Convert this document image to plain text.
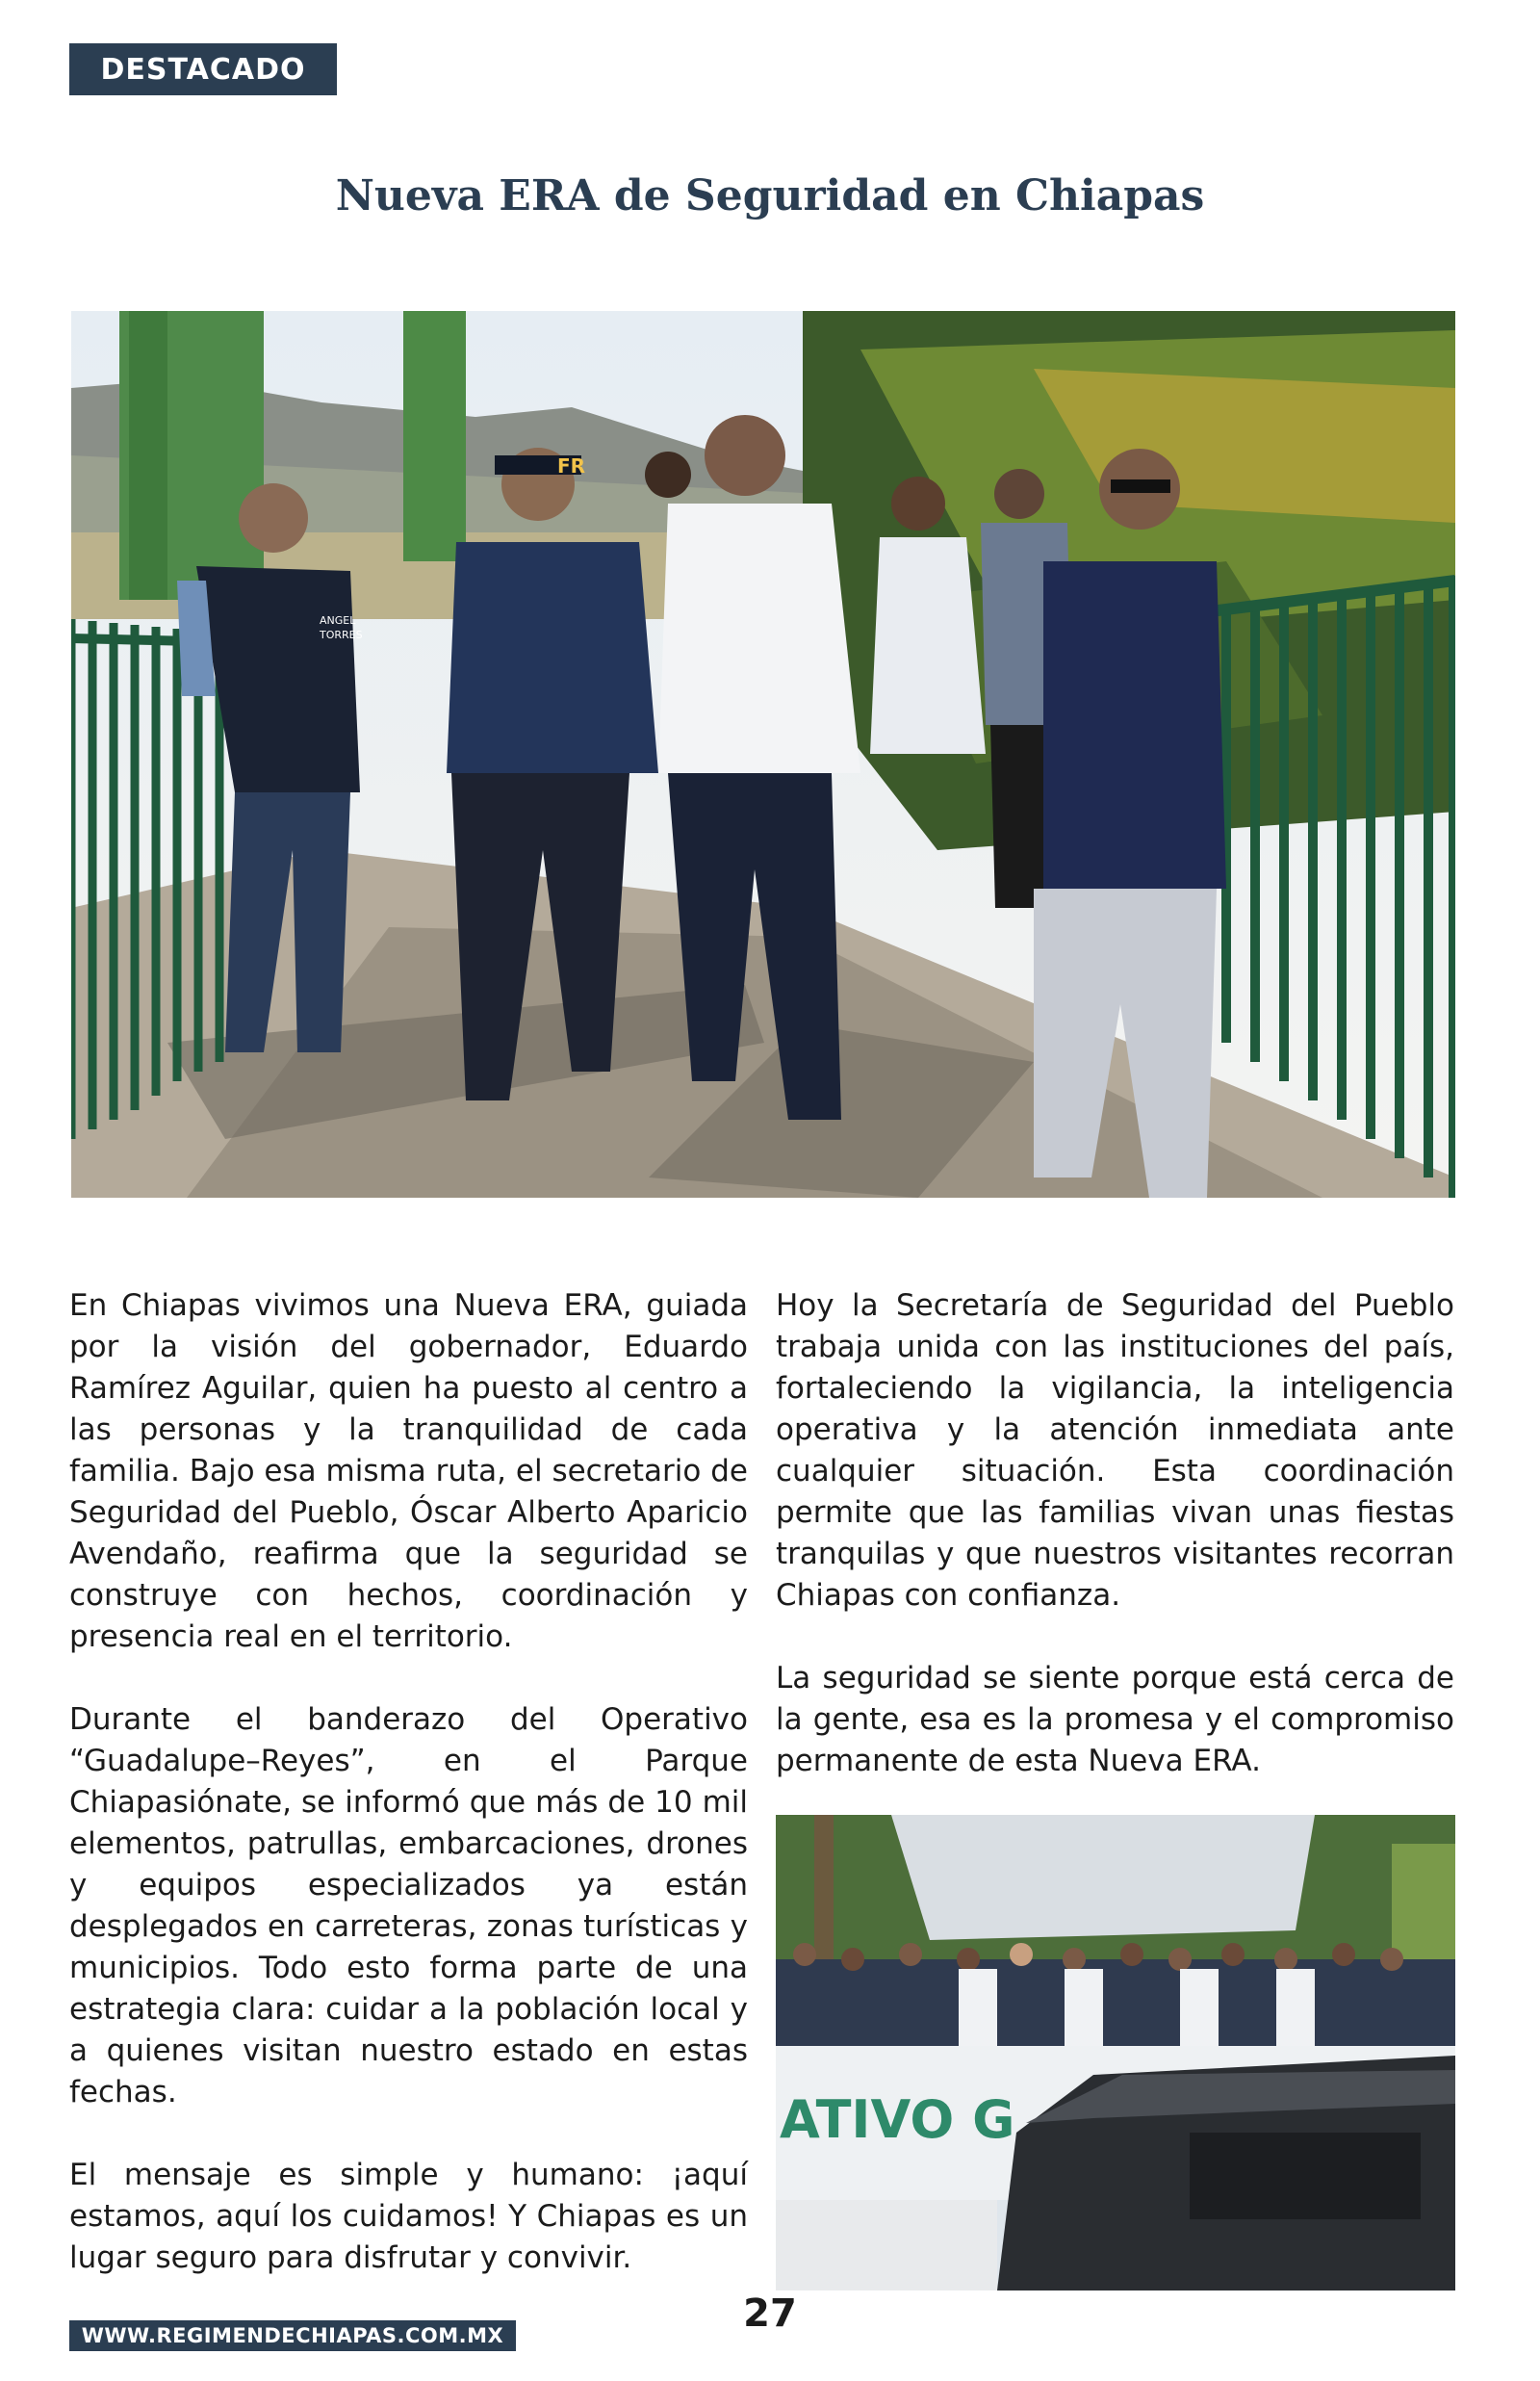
DESTACADO
Nueva ERA de Seguridad en Chiapas
ANGEL
TORRES
FR

En Chiapas vivimos una Nueva ERA, guiada por la visión del gobernador, Eduardo Ramírez Aguilar, quien ha puesto al centro a las personas y la tranquilidad de cada familia. Bajo esa misma ruta, el secretario de Seguridad del Pueblo, Óscar Alberto Aparicio Avendaño, reafirma que la seguridad se construye con hechos, coordinación y presencia real en el territorio.

Durante el banderazo del Operativo “Guadalupe–Reyes”, en el Parque Chiapasiónate, se informó que más de 10 mil elementos, patrullas, embarcaciones, drones y equipos especializados ya están desplegados en carreteras, zonas turísticas y municipios. Todo esto forma parte de una estrategia clara: cuidar a la población local y a quienes visitan nuestro estado en estas fechas.

El mensaje es simple y humano: ¡aquí estamos, aquí los cuidamos! Y Chiapas es un lugar seguro para disfrutar y convivir.

Hoy la Secretaría de Seguridad del Pueblo trabaja unida con las instituciones del país, fortaleciendo la vigilancia, la inteligencia operativa y la atención inmediata ante cualquier situación. Esta coordinación permite que las familias vivan unas fiestas tranquilas y que nuestros visitantes recorran Chiapas con confianza.

La seguridad se siente porque está cerca de la gente, esa es la promesa y el compromiso permanente de esta Nueva ERA.

ATIVO G
WWW.REGIMENDECHIAPAS.COM.MX	27
